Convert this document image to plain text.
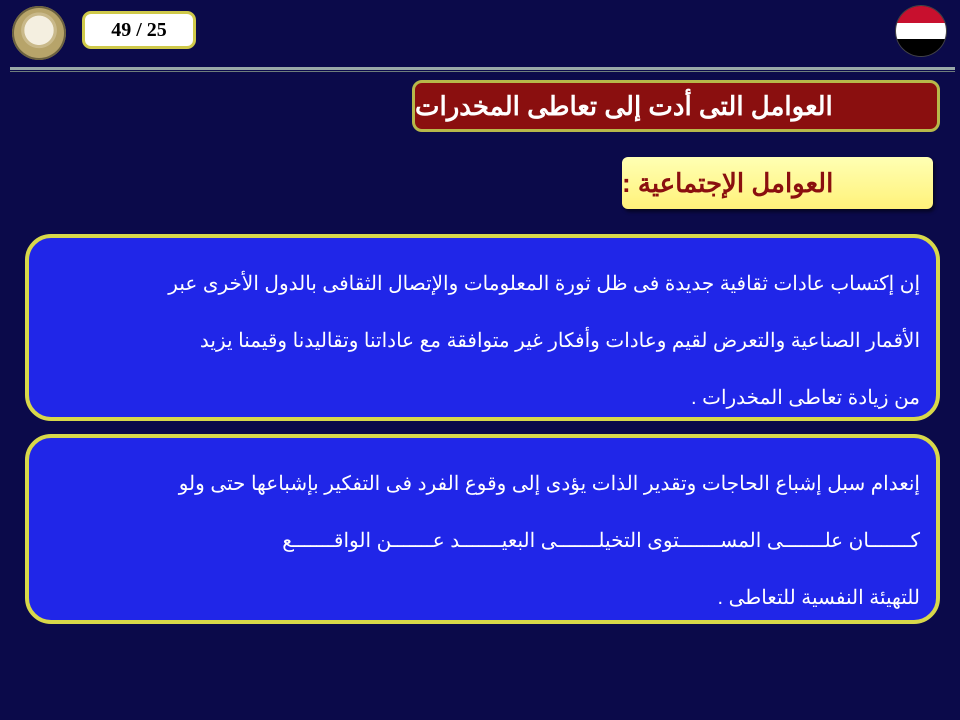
49 / 25
العوامل التى أدت إلى تعاطى المخدرات
العوامل الإجتماعية :
إن إكتساب عادات ثقافية جديدة فى ظل ثورة المعلومات والإتصال الثقافى بالدول الأخرى عبر
الأقمار الصناعية والتعرض لقيم وعادات وأفكار غير متوافقة مع عاداتنا وتقاليدنا وقيمنا يزيد
من زيادة تعاطى المخدرات .
إنعدام سبل إشباع الحاجات وتقدير الذات يؤدى إلى وقوع الفرد فى التفكير بإشباعها حتى ولو
كـــــــان علـــــــى المســـــــتوى التخيلـــــــى البعيـــــــد عـــــــن الواقـــــــع
للتهيئة النفسية للتعاطى .
